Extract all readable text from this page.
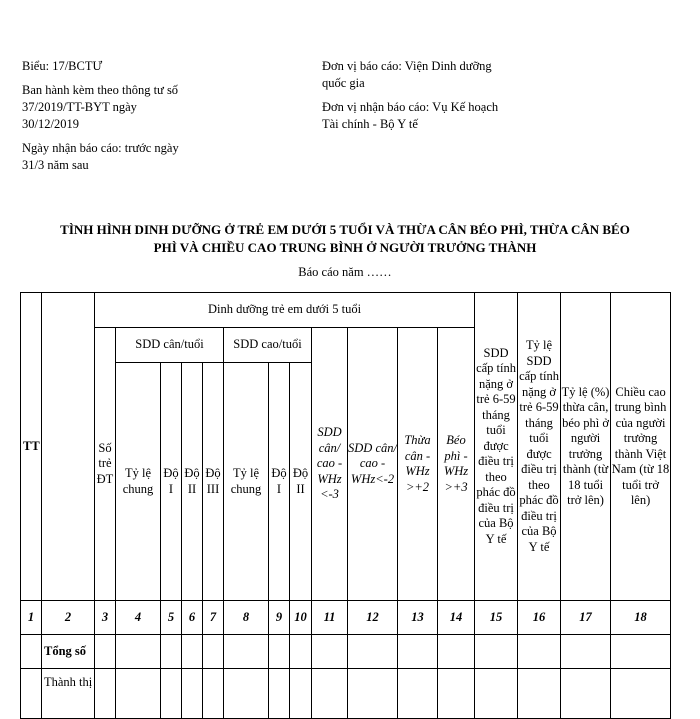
Biểu: 17/BCTƯ

Ban hành kèm theo thông tư số
37/2019/TT-BYT ngày
30/12/2019

Ngày nhận báo cáo: trước ngày
31/3 năm sau

Đơn vị báo cáo: Viện Dinh dưỡng
quốc gia

Đơn vị nhận báo cáo: Vụ Kế hoạch
Tài chính - Bộ Y tế

TÌNH HÌNH DINH DƯỠNG Ở TRẺ EM DƯỚI 5 TUỔI VÀ THỪA CÂN BÉO PHÌ, THỪA CÂN BÉO
PHÌ VÀ CHIỀU CAO TRUNG BÌNH Ở NGƯỜI TRƯỞNG THÀNH
Báo cáo năm ……
TT		Dinh dưỡng trẻ em dưới 5 tuổi												SDD cấp tính nặng ở trẻ 6-59 tháng tuổi được điều trị theo phác đồ điều trị của Bộ Y tế	Tỷ lệ SDD cấp tính nặng ở trẻ 6-59 tháng tuổi được điều trị theo phác đồ điều trị của Bộ Y tế	Tỷ lệ (%) thừa cân, béo phì ở người trưởng thành (từ 18 tuổi trở lên)	Chiều cao trung bình của người trưởng thành Việt Nam (từ 18 tuổi trở lên)
		Số trẻ ĐT	SDD cân/tuổi				SDD cao/tuổi			SDD cân/ cao - WHz <-3	SDD cân/ cao - WHz<-2	Thừa cân - WHz >+2	Béo phì - WHz >+3				
			Tỷ lệ chung	Độ I	Độ II	Độ III	Tỷ lệ chung	Độ I	Độ II								
1	2	3	4	5	6	7	8	9	10	11	12	13	14	15	16	17	18
	Tổng số																
	Thành thị																
